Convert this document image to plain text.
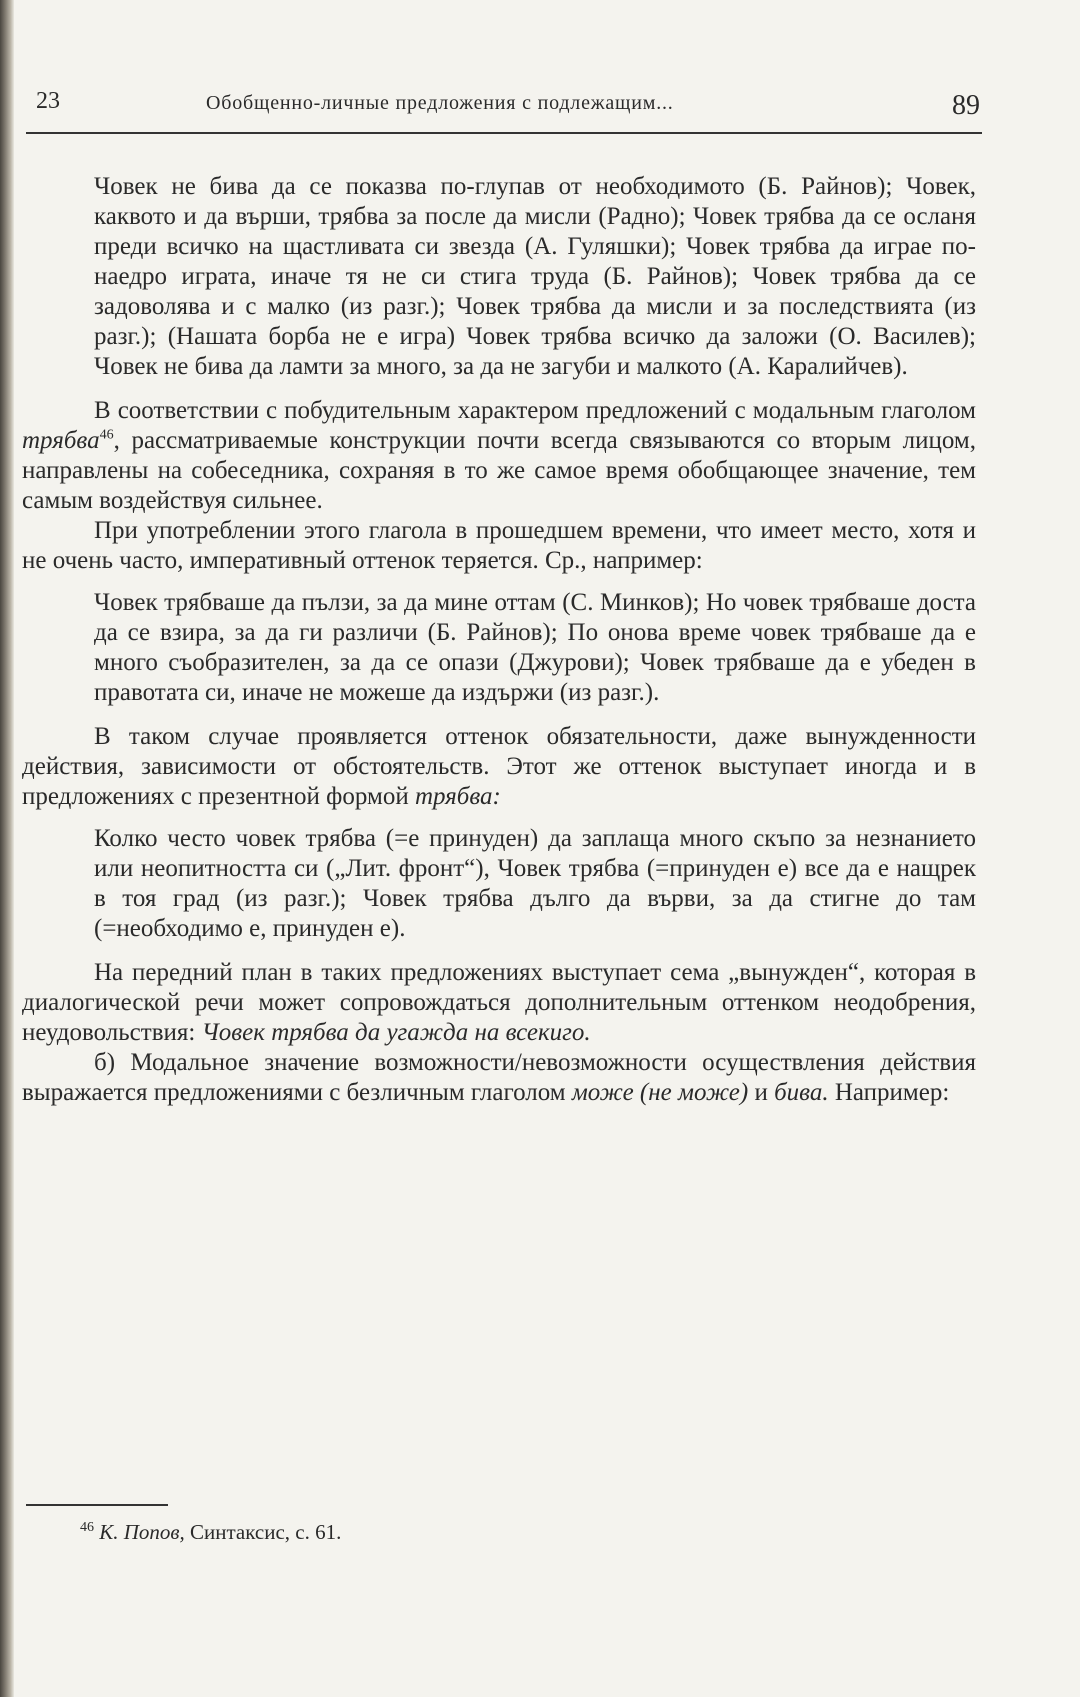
23	Обобщенно-личные предложения с подлежащим...	89

Човек не бива да се показва по-глупав от необходимото (Б. Райнов); Човек, каквото и да върши, трябва за после да мисли (Радно); Човек трябва да се осланя преди всичко на щастливата си звезда (А. Гуляшки); Човек трябва да играе по-наедро играта, иначе тя не си стига труда (Б. Райнов); Човек трябва да се задоволява и с малко (из разг.); Човек трябва да мисли и за последствията (из разг.); (Нашата борба не е игра) Човек трябва всичко да заложи (О. Василев); Човек не бива да ламти за много, за да не загуби и малкото (А. Каралийчев).

В соответствии с побудительным характером предложений с модальным глаголом трябва$^{46}$, рассматриваемые конструкции почти всегда связываются со вторым лицом, направлены на собеседника, сохраняя в то же самое время обобщающее значение, тем самым воздействуя сильнее.

При употреблении этого глагола в прошедшем времени, что имеет место, хотя и не очень часто, императивный оттенок теряется. Ср., например:

Човек трябваше да пълзи, за да мине оттам (С. Минков); Но човек трябваше доста да се взира, за да ги различи (Б. Райнов); По онова време човек трябваше да е много съобразителен, за да се опази (Джурови); Човек трябваше да е убеден в правотата си, иначе не можеше да издържи (из разг.).

В таком случае проявляется оттенок обязательности, даже вынужденности действия, зависимости от обстоятельств. Этот же оттенок выступает иногда и в предложениях с презентной формой трябва:

Колко често човек трябва (=е принуден) да заплаща много скъпо за незнанието или неопитността си („Лит. фронт“), Човек трябва (=принуден е) все да е нащрек в тоя град (из разг.); Човек трябва дълго да върви, за да стигне до там (=необходимо е, принуден е).

На передний план в таких предложениях выступает сема „вынужден“, которая в диалогической речи может сопровождаться дополнительным оттенком неодобрения, неудовольствия: Човек трябва да угажда на всекиго.

б) Модальное значение возможности/невозможности осуществления действия выражается предложениями с безличным глаголом може (не може) и бива. Например:

$^{46}$ К. Попов, Синтаксис, с. 61.
